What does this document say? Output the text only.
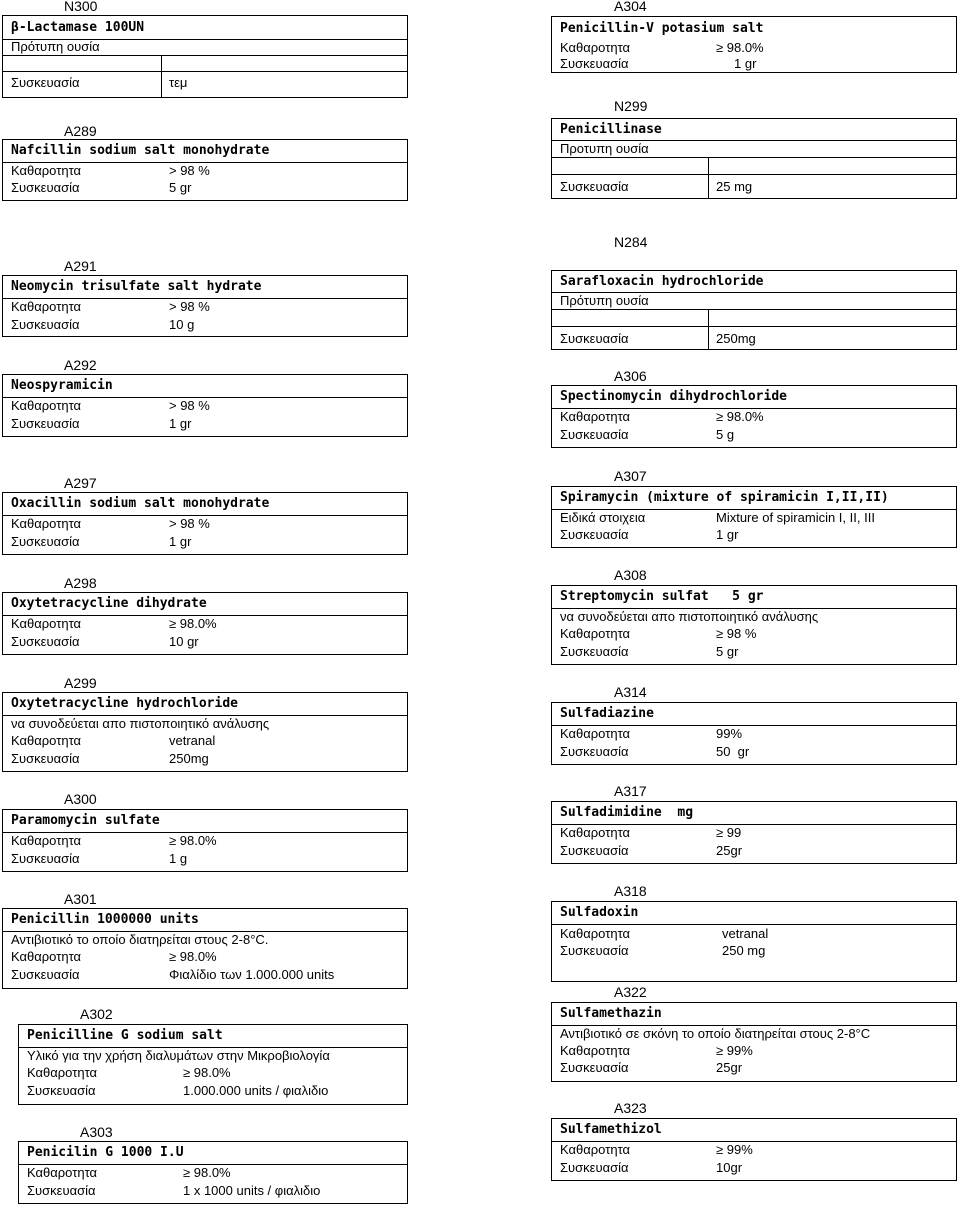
N300
β-Lactamase 100UN
Πρότυπη ουσία
Συσκευασία	τεμ
A289
Nafcillin sodium salt monohydrate
Καθαροτητα	> 98 %
Συσκευασία	5 gr
A291
Neomycin trisulfate salt hydrate
Καθαροτητα	> 98 %
Συσκευασία	10 g
A292
Neospyramicin
Καθαροτητα	> 98 %
Συσκευασία	1 gr
A297
Oxacillin sodium salt monohydrate
Καθαροτητα	> 98 %
Συσκευασία	1 gr
A298
Oxytetracycline dihydrate
Καθαροτητα	≥ 98.0%
Συσκευασία	10 gr
A299
Oxytetracycline hydrochloride
να συνοδεύεται απο πιστοποιητικό ανάλυσης
Καθαροτητα	vetranal
Συσκευασία	250mg
A300
Paramomycin sulfate
Καθαροτητα	≥ 98.0%
Συσκευασία	1 g
A301
Penicillin 1000000 units
Αντιβιοτικό το οποίο διατηρείται στους 2-8°C.
Καθαροτητα	≥ 98.0%
Συσκευασία	Φιαλίδιο των 1.000.000 units
A302
Penicilline G sodium salt
Υλικό για την χρήση διαλυμάτων στην Μικροβιολογία
Καθαροτητα	≥ 98.0%
Συσκευασία	1.000.000 units / φιαλιδιο
A303
Penicilin G 1000 I.U
Καθαροτητα	≥ 98.0%
Συσκευασία	1 x 1000 units / φιαλιδιο
A304
Penicillin-V potasium salt
Καθαροτητα	≥ 98.0%
Συσκευασία	1 gr
N299
Penicillinase
Προτυπη ουσία
Συσκευασία	25 mg
N284
Sarafloxacin hydrochloride
Πρότυπη ουσία
Συσκευασία	250mg
A306
Spectinomycin dihydrochloride
Καθαροτητα	≥ 98.0%
Συσκευασία	5 g
A307
Spiramycin (mixture of spiramicin I,II,II)
Ειδικά στοιχεια	Mixture of spiramicin I, II, III
Συσκευασία	1 gr
A308
Streptomycin sulfat   5 gr
να συνοδεύεται απο πιστοποιητικό ανάλυσης
Καθαροτητα	≥ 98 %
Συσκευασία	5 gr
A314
Sulfadiazine
Καθαροτητα	99%
Συσκευασία	50  gr
A317
Sulfadimidine  mg
Καθαροτητα	≥ 99
Συσκευασία	25gr
A318
Sulfadoxin
Καθαροτητα	vetranal
Συσκευασία	250 mg
A322
Sulfamethazin
Αντιβιοτικό σε σκόνη το οποίο διατηρείται στους 2-8°C
Καθαροτητα	≥ 99%
Συσκευασία	25gr
A323
Sulfamethizol
Καθαροτητα	≥ 99%
Συσκευασία	10gr
